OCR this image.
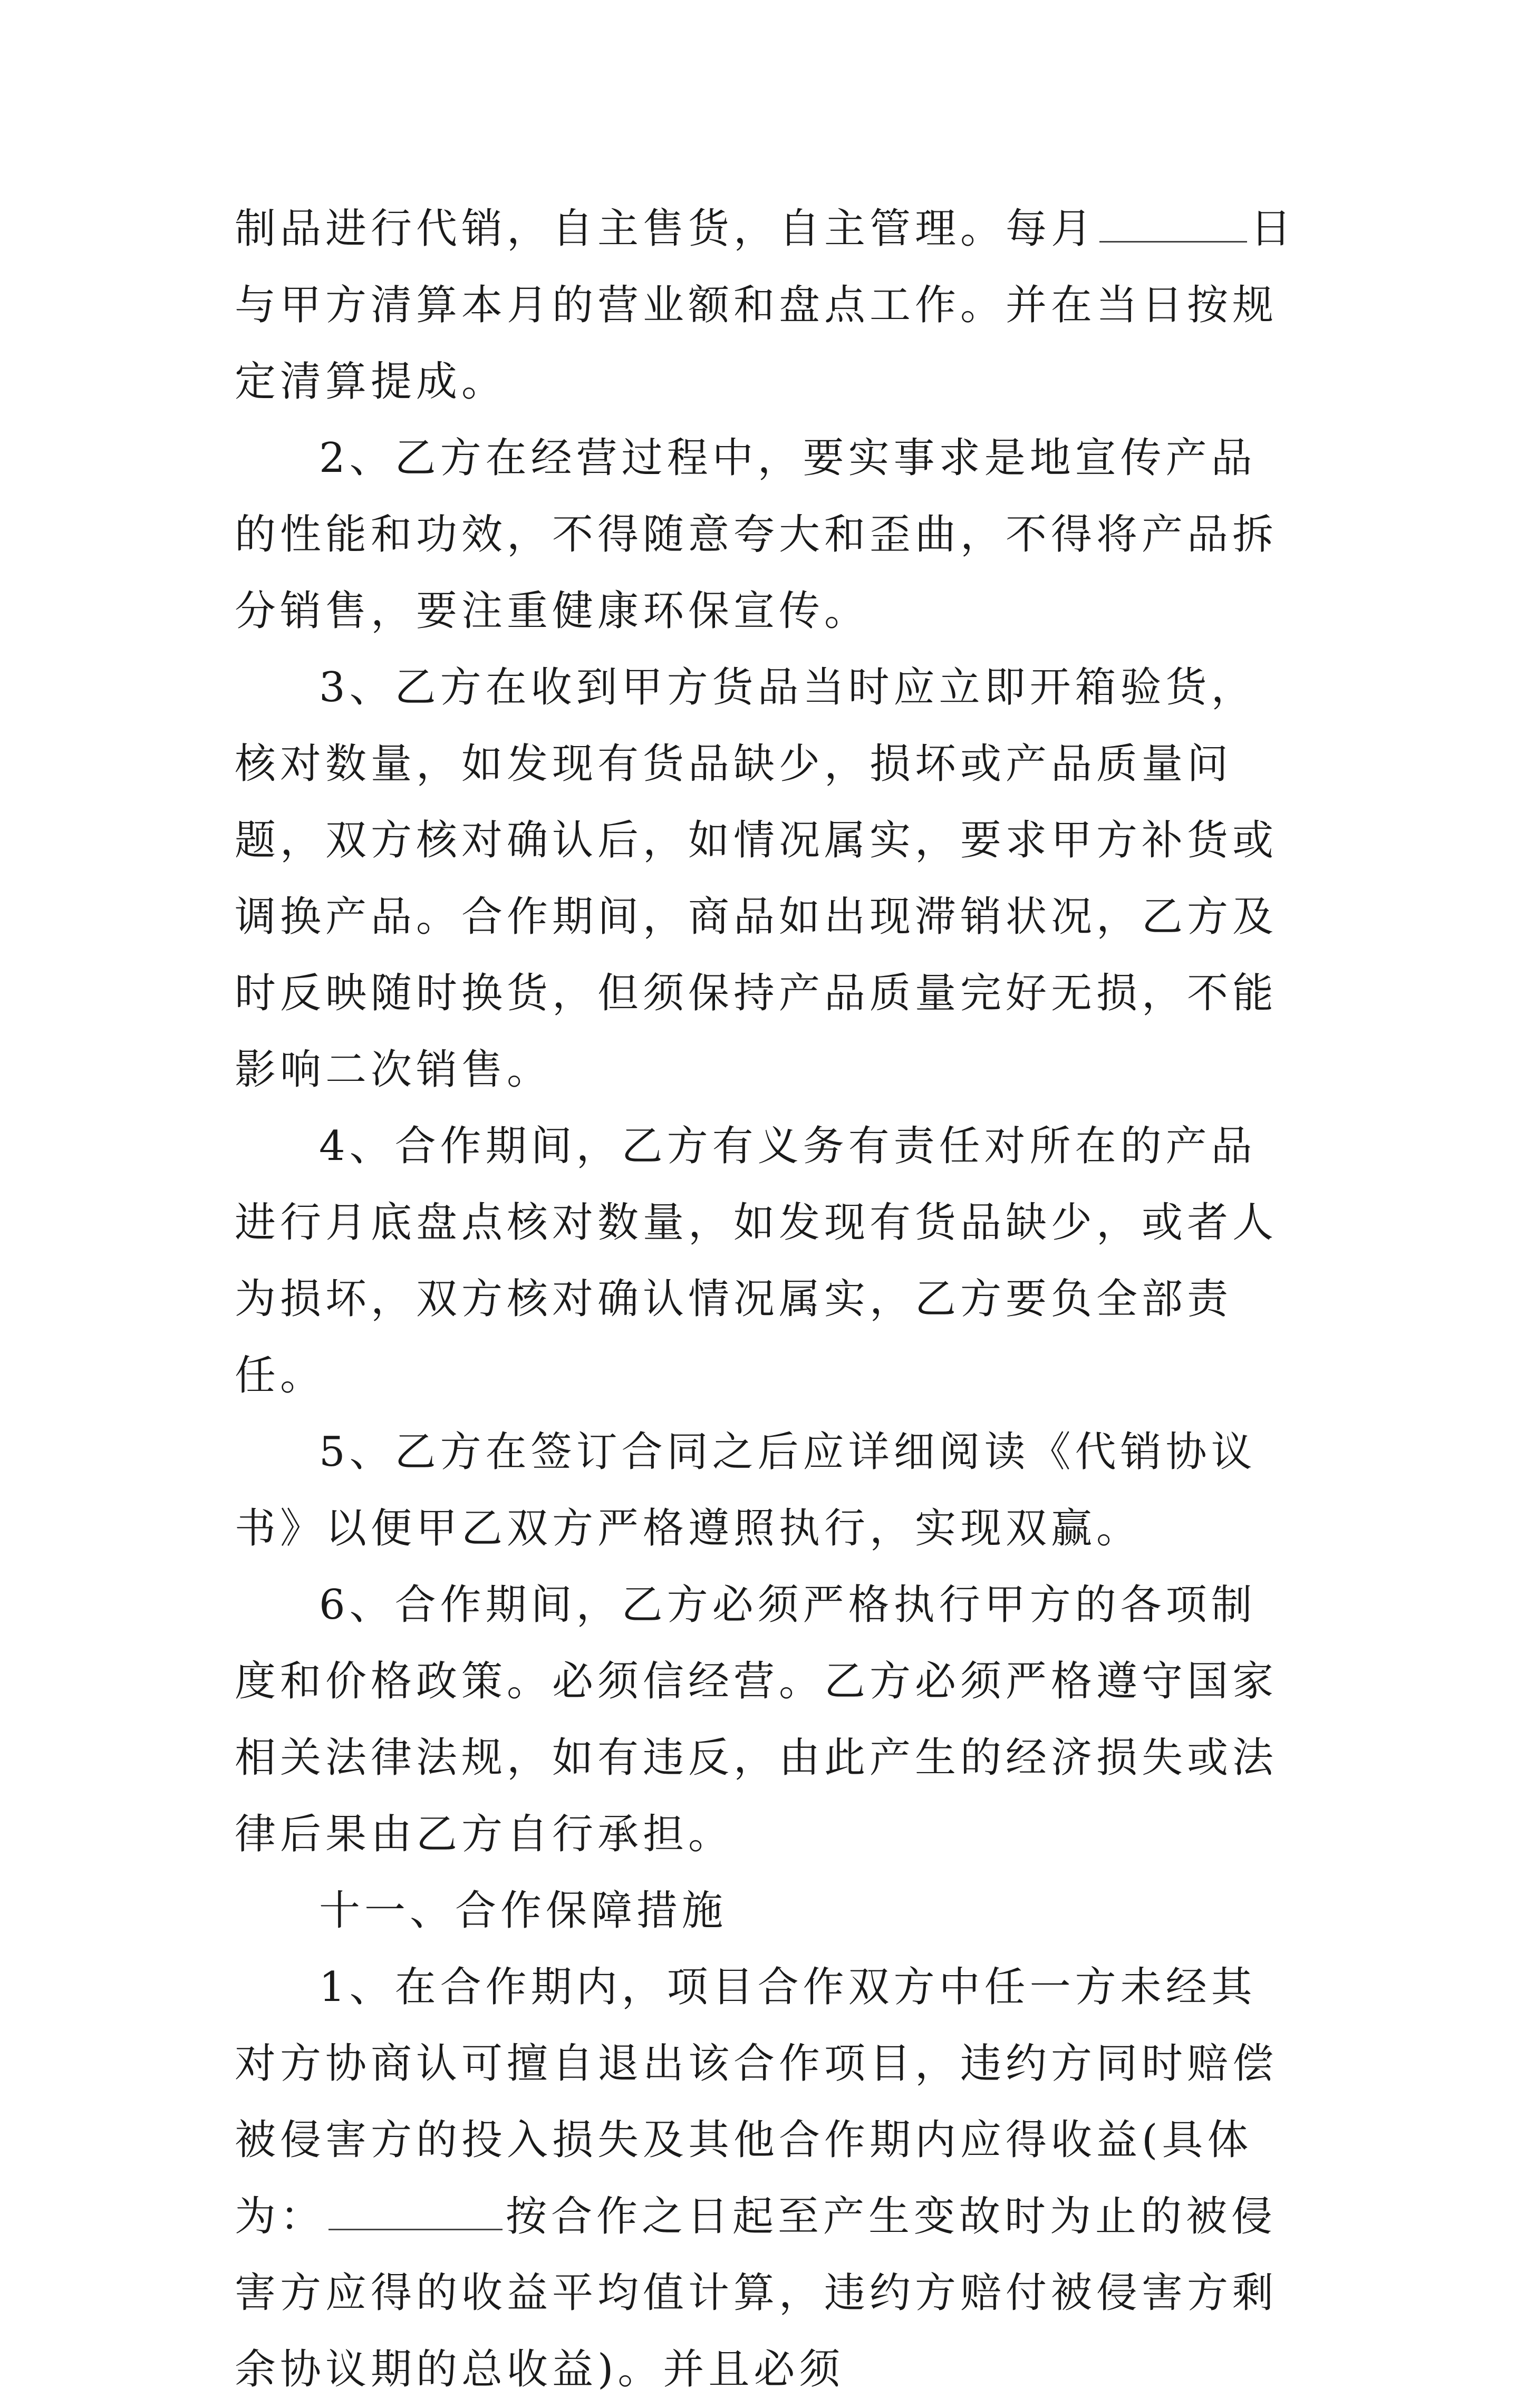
制品进行代销，自主售货，自主管理。每月	日与甲方清算本月的营业额和盘点工作。并在当日按规定清算提成。

2、乙方在经营过程中，要实事求是地宣传产品的性能和功效，不得随意夸大和歪曲，不得将产品拆分销售，要注重健康环保宣传。

3、乙方在收到甲方货品当时应立即开箱验货，核对数量，如发现有货品缺少，损坏或产品质量问题，双方核对确认后，如情况属实，要求甲方补货或调换产品。合作期间，商品如出现滞销状况，乙方及时反映随时换货，但须保持产品质量完好无损，不能影响二次销售。

4、合作期间，乙方有义务有责任对所在的产品进行月底盘点核对数量，如发现有货品缺少，或者人为损坏，双方核对确认情况属实，乙方要负全部责任。

5、乙方在签订合同之后应详细阅读《代销协议书》以便甲乙双方严格遵照执行，实现双赢。

6、合作期间，乙方必须严格执行甲方的各项制度和价格政策。必须信经营。乙方必须严格遵守国家相关法律法规，如有违反，由此产生的经济损失或法律后果由乙方自行承担。

十一、合作保障措施

1、在合作期内，项目合作双方中任一方未经其对方协商认可擅自退出该合作项目，违约方同时赔偿被侵害方的投入损失及其他合作期内应得收益(具体为：	按合作之日起至产生变故时为止的被侵害方应得的收益平均值计算，违约方赔付被侵害方剩余协议期的总收益)。并且必须
